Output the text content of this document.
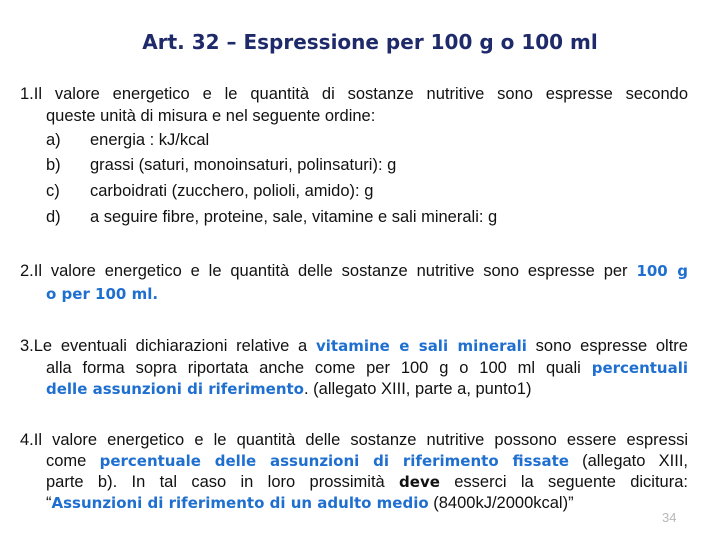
Art. 32 – Espressione per 100 g o 100 ml
1.Il valore energetico e le quantità di sostanze nutritive sono espresse secondo
queste unità di misura e nel seguente ordine:
a) energia : kJ/kcal
b) grassi (saturi, monoinsaturi, polinsaturi): g
c) carboidrati (zucchero, polioli, amido): g
d) a seguire fibre, proteine, sale, vitamine e sali minerali: g
2.Il valore energetico e le quantità delle sostanze nutritive sono espresse per 100 g
o per 100 ml.
3.Le eventuali dichiarazioni relative a vitamine e sali minerali sono espresse oltre
alla forma sopra riportata anche come per 100 g o 100 ml quali percentuali
delle assunzioni di riferimento. (allegato XIII, parte a, punto1)
4.Il valore energetico e le quantità delle sostanze nutritive possono essere espressi
come percentuale delle assunzioni di riferimento fissate (allegato XIII,
parte b). In tal caso in loro prossimità deve esserci la seguente dicitura:
“Assunzioni di riferimento di un adulto medio (8400kJ/2000kcal)”
34
